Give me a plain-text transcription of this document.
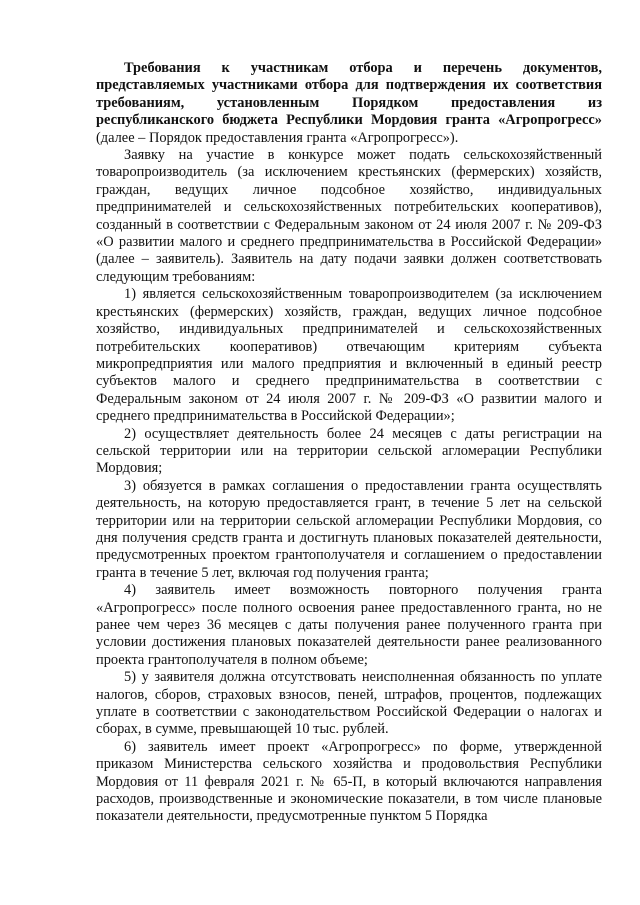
Требования к участникам отбора и перечень документов, представляемых участниками отбора для подтверждения их соответствия требованиям, установленным Порядком предоставления из республиканского бюджета Республики Мордовия гранта «Агропрогресс» (далее – Порядок предоставления гранта «Агропрогресс»).

Заявку на участие в конкурсе может подать сельскохозяйственный товаропроизводитель (за исключением крестьянских (фермерских) хозяйств, граждан, ведущих личное подсобное хозяйство, индивидуальных предпринимателей и сельскохозяйственных потребительских кооперативов), созданный в соответствии с Федеральным законом от 24 июля 2007 г. № 209-ФЗ «О развитии малого и среднего предпринимательства в Российской Федерации» (далее – заявитель). Заявитель на дату подачи заявки должен соответствовать следующим требованиям:

1) является сельскохозяйственным товаропроизводителем (за исключением крестьянских (фермерских) хозяйств, граждан, ведущих личное подсобное хозяйство, индивидуальных предпринимателей и сельскохозяйственных потребительских кооперативов) отвечающим критериям субъекта микропредприятия или малого предприятия и включенный в единый реестр субъектов малого и среднего предпринимательства в соответствии с Федеральным законом от 24 июля 2007 г. № 209-ФЗ «О развитии малого и среднего предпринимательства в Российской Федерации»;

2) осуществляет деятельность более 24 месяцев с даты регистрации на сельской территории или на территории сельской агломерации Республики Мордовия;

3) обязуется в рамках соглашения о предоставлении гранта осуществлять деятельность, на которую предоставляется грант, в течение 5 лет на сельской территории или на территории сельской агломерации Республики Мордовия, со дня получения средств гранта и достигнуть плановых показателей деятельности, предусмотренных проектом грантополучателя и соглашением о предоставлении гранта в течение 5 лет, включая год получения гранта;

4) заявитель имеет возможность повторного получения гранта «Агропрогресс» после полного освоения ранее предоставленного гранта, но не ранее чем через 36 месяцев с даты получения ранее полученного гранта при условии достижения плановых показателей деятельности ранее реализованного проекта грантополучателя в полном объеме;

5) у заявителя должна отсутствовать неисполненная обязанность по уплате налогов, сборов, страховых взносов, пеней, штрафов, процентов, подлежащих уплате в соответствии с законодательством Российской Федерации о налогах и сборах, в сумме, превышающей 10 тыс. рублей.

6) заявитель имеет проект «Агропрогресс» по форме, утвержденной приказом Министерства сельского хозяйства и продовольствия Республики Мордовия от 11 февраля 2021 г. № 65-П, в который включаются направления расходов, производственные и экономические показатели, в том числе плановые показатели деятельности, предусмотренные пунктом 5 Порядка
